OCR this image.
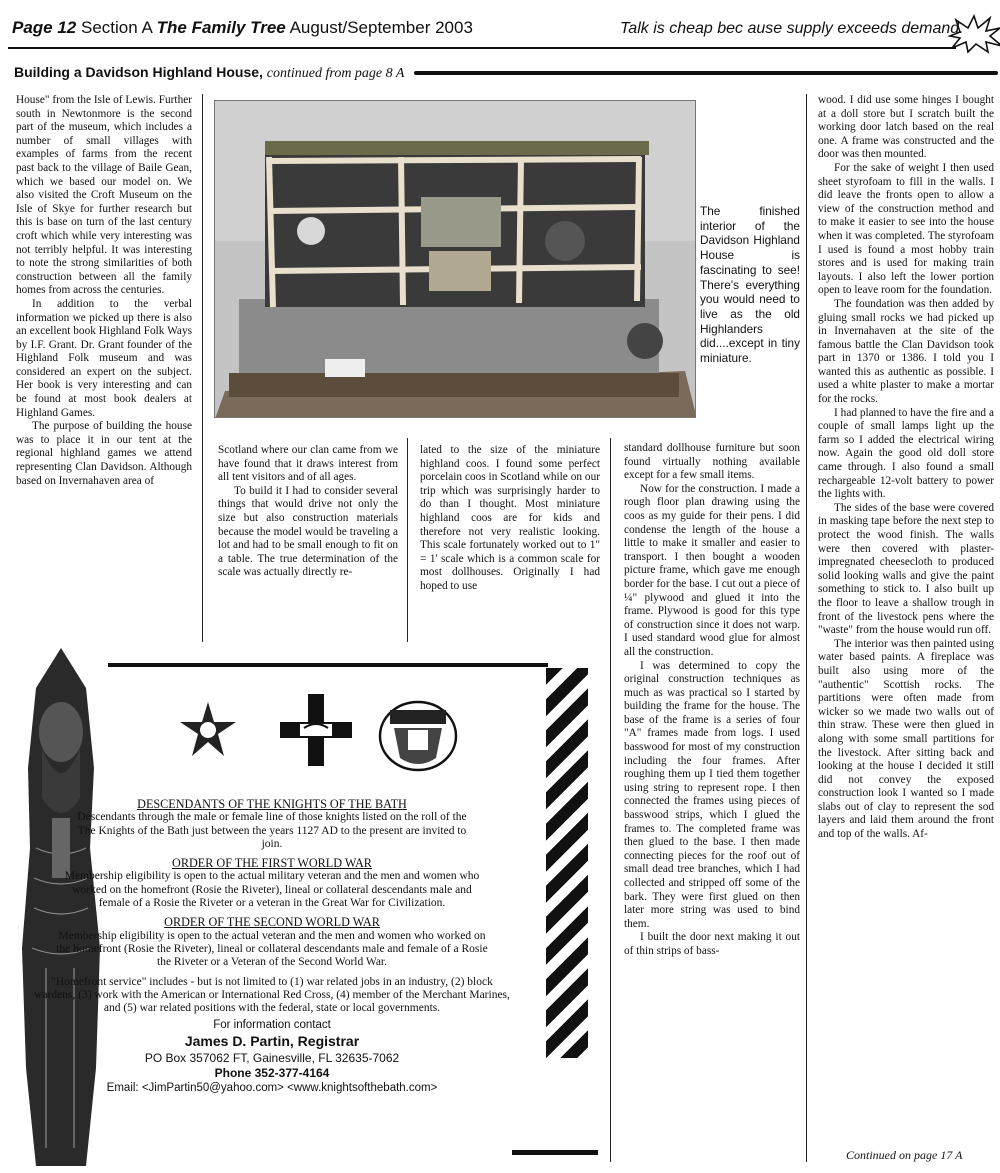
Page 12 Section A The Family Tree August/September 2003	Talk is cheap bec ause supply exceeds demand.
Building a Davidson Highland House, continued from page 8 A

House" from the Isle of Lewis. Further south in Newtonmore is the second part of the museum, which includes a number of small villages with examples of farms from the recent past back to the village of Baile Gean, which we based our model on. We also visited the Croft Museum on the Isle of Skye for further research but this is base on turn of the last century croft which while very interesting was not terribly helpful. It was interesting to note the strong similarities of both construction between all the family homes from across the centuries.

In addition to the verbal information we picked up there is also an excellent book Highland Folk Ways by I.F. Grant. Dr. Grant founder of the Highland Folk museum and was considered an expert on the subject. Her book is very interesting and can be found at most book dealers at Highland Games.

The purpose of building the house was to place it in our tent at the regional highland games we attend representing Clan Davidson. Although based on Invernahaven area of

The finished interior of the Davidson Highland House is fascinating to see! There's everything you would need to live as the old Highlanders did....except in tiny miniature.

Scotland where our clan came from we have found that it draws interest from all tent visitors and of all ages.

To build it I had to consider several things that would drive not only the size but also construction materials because the model would be traveling a lot and had to be small enough to fit on a table. The true determination of the scale was actually directly re-

lated to the size of the miniature highland coos. I found some perfect porcelain coos in Scotland while on our trip which was surprisingly harder to do than I thought. Most miniature highland coos are for kids and therefore not very realistic looking. This scale fortunately worked out to 1" = 1' scale which is a common scale for most dollhouses. Originally I had hoped to use

standard dollhouse furniture but soon found virtually nothing available except for a few small items.

Now for the construction. I made a rough floor plan drawing using the coos as my guide for their pens. I did condense the length of the house a little to make it smaller and easier to transport. I then bought a wooden picture frame, which gave me enough border for the base. I cut out a piece of ¼" plywood and glued it into the frame. Plywood is good for this type of construction since it does not warp. I used standard wood glue for almost all the construction.

I was determined to copy the original construction techniques as much as was practical so I started by building the frame for the house. The base of the frame is a series of four "A" frames made from logs. I used basswood for most of my construction including the four frames. After roughing them up I tied them together using string to represent rope. I then connected the frames using pieces of basswood strips, which I glued the frames to. The completed frame was then glued to the base. I then made connecting pieces for the roof out of small dead tree branches, which I had collected and stripped off some of the bark. They were first glued on then later more string was used to bind them.

I built the door next making it out of thin strips of bass-

wood. I did use some hinges I bought at a doll store but I scratch built the working door latch based on the real one. A frame was constructed and the door was then mounted.

For the sake of weight I then used sheet styrofoam to fill in the walls. I did leave the fronts open to allow a view of the construction method and to make it easier to see into the house when it was completed. The styrofoam I used is found a most hobby train stores and is used for making train layouts. I also left the lower portion open to leave room for the foundation.

The foundation was then added by gluing small rocks we had picked up in Invernahaven at the site of the famous battle the Clan Davidson took part in 1370 or 1386. I told you I wanted this as authentic as possible. I used a white plaster to make a mortar for the rocks.

I had planned to have the fire and a couple of small lamps light up the farm so I added the electrical wiring now. Again the good old doll store came through. I also found a small rechargeable 12-volt battery to power the lights with.

The sides of the base were covered in masking tape before the next step to protect the wood finish. The walls were then covered with plaster-impregnated cheesecloth to produced solid looking walls and give the paint something to stick to. I also built up the floor to leave a shallow trough in front of the livestock pens where the "waste" from the house would run off.

The interior was then painted using water based paints. A fireplace was built also using more of the "authentic" Scottish rocks. The partitions were often made from wicker so we made two walls out of thin straw. These were then glued in along with some small partitions for the livestock. After sitting back and looking at the house I decided it still did not convey the exposed construction look I wanted so I made slabs out of clay to represent the sod layers and laid them around the front and top of the walls. Af-

Continued on page 17 A
DESCENDANTS OF THE KNIGHTS OF THE BATH
Descendants through the male or female line of those knights listed on the roll of the The Knights of the Bath just between the years 1127 AD to the present are invited to join.
ORDER OF THE FIRST WORLD WAR
Membership eligibility is open to the actual military veteran and the men and women who worked on the homefront (Rosie the Riveter), lineal or collateral descendants male and female of a Rosie the Riveter or a veteran in the Great War for Civilization.
ORDER OF THE SECOND WORLD WAR
Membership eligibility is open to the actual veteran and the men and women who worked on the homefront (Rosie the Riveter), lineal or collateral descendants male and female of a Rosie the Riveter or a Veteran of the Second World War.
"Homefront service" includes - but is not limited to (1) war related jobs in an industry, (2) block wardens, (3) work with the American or International Red Cross, (4) member of the Merchant Marines, and (5) war related positions with the federal, state or local governments.
For information contact
James D. Partin, Registrar
PO Box 357062 FT, Gainesville, FL 32635-7062
Phone 352-377-4164
Email: <JimPartin50@yahoo.com> <www.knightsofthebath.com>
